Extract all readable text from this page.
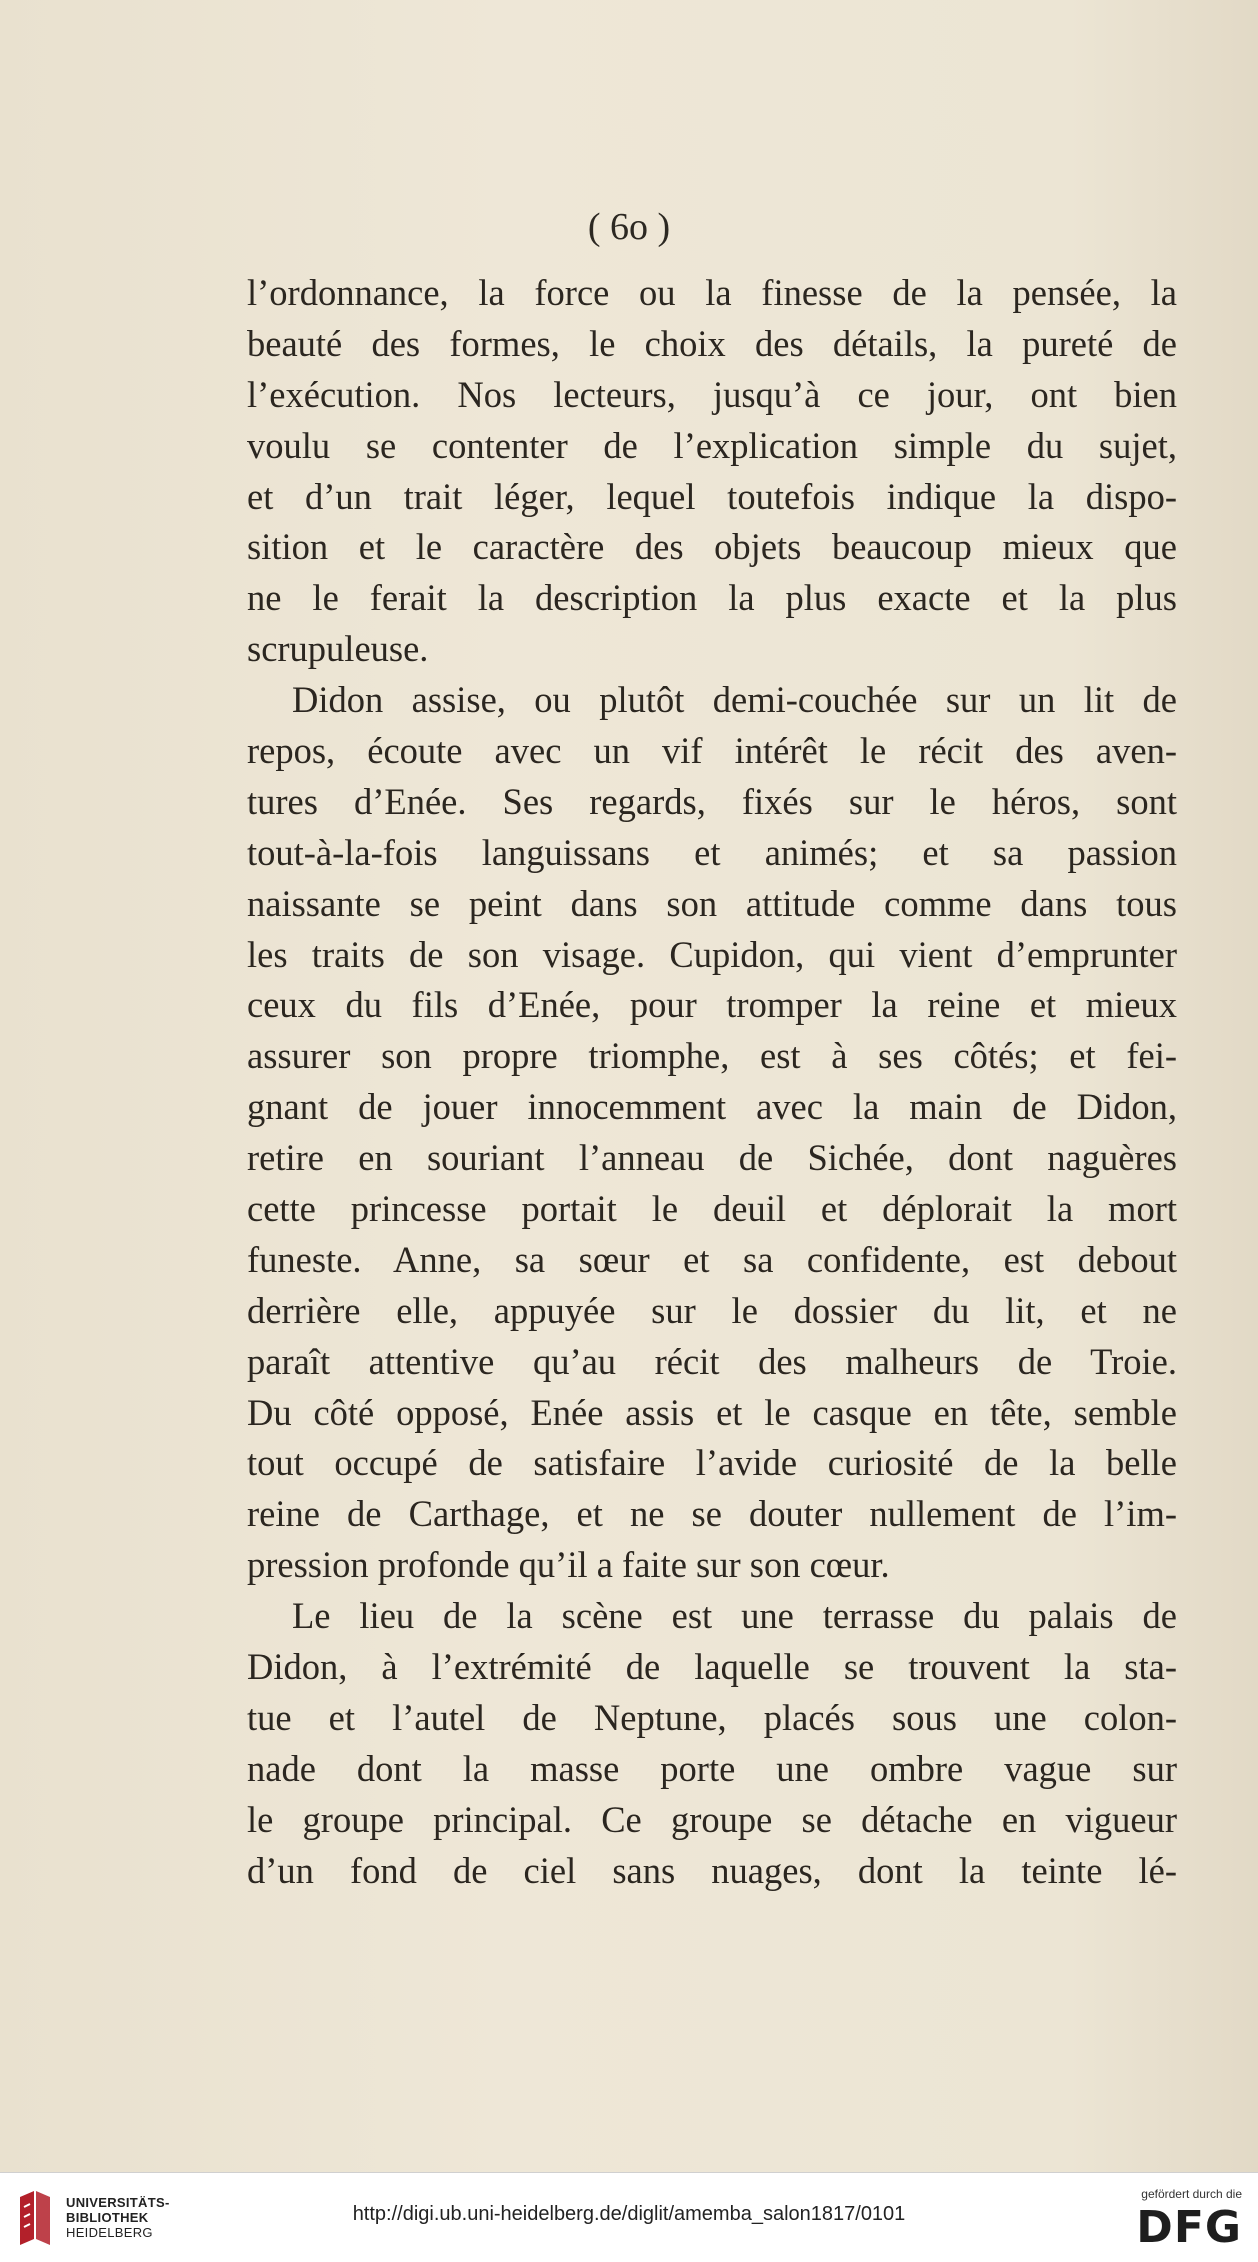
( 6o )
l’ordonnance, la force ou la finesse de la pensée, la
beauté des formes, le choix des détails, la pureté de
l’exécution. Nos lecteurs, jusqu’à ce jour, ont bien
voulu se contenter de l’explication simple du sujet,
et d’un trait léger, lequel toutefois indique la dispo-
sition et le caractère des objets beaucoup mieux que
ne le ferait la description la plus exacte et la plus
scrupuleuse.
Didon assise, ou plutôt demi-couchée sur un lit de
repos, écoute avec un vif intérêt le récit des aven-
tures d’Enée. Ses regards, fixés sur le héros, sont
tout-à-la-fois languissans et animés; et sa passion
naissante se peint dans son attitude comme dans tous
les traits de son visage. Cupidon, qui vient d’emprunter
ceux du fils d’Enée, pour tromper la reine et mieux
assurer son propre triomphe, est à ses côtés; et fei-
gnant de jouer innocemment avec la main de Didon,
retire en souriant l’anneau de Sichée, dont naguères
cette princesse portait le deuil et déplorait la mort
funeste. Anne, sa sœur et sa confidente, est debout
derrière elle, appuyée sur le dossier du lit, et ne
paraît attentive qu’au récit des malheurs de Troie.
Du côté opposé, Enée assis et le casque en tête, semble
tout occupé de satisfaire l’avide curiosité de la belle
reine de Carthage, et ne se douter nullement de l’im-
pression profonde qu’il a faite sur son cœur.
Le lieu de la scène est une terrasse du palais de
Didon, à l’extrémité de laquelle se trouvent la sta-
tue et l’autel de Neptune, placés sous une colon-
nade dont la masse porte une ombre vague sur
le groupe principal. Ce groupe se détache en vigueur
d’un fond de ciel sans nuages, dont la teinte lé-
UNIVERSITÄTS-
BIBLIOTHEK
HEIDELBERG
http://digi.ub.uni-heidelberg.de/diglit/amemba_salon1817/0101
gefördert durch die
DFG
